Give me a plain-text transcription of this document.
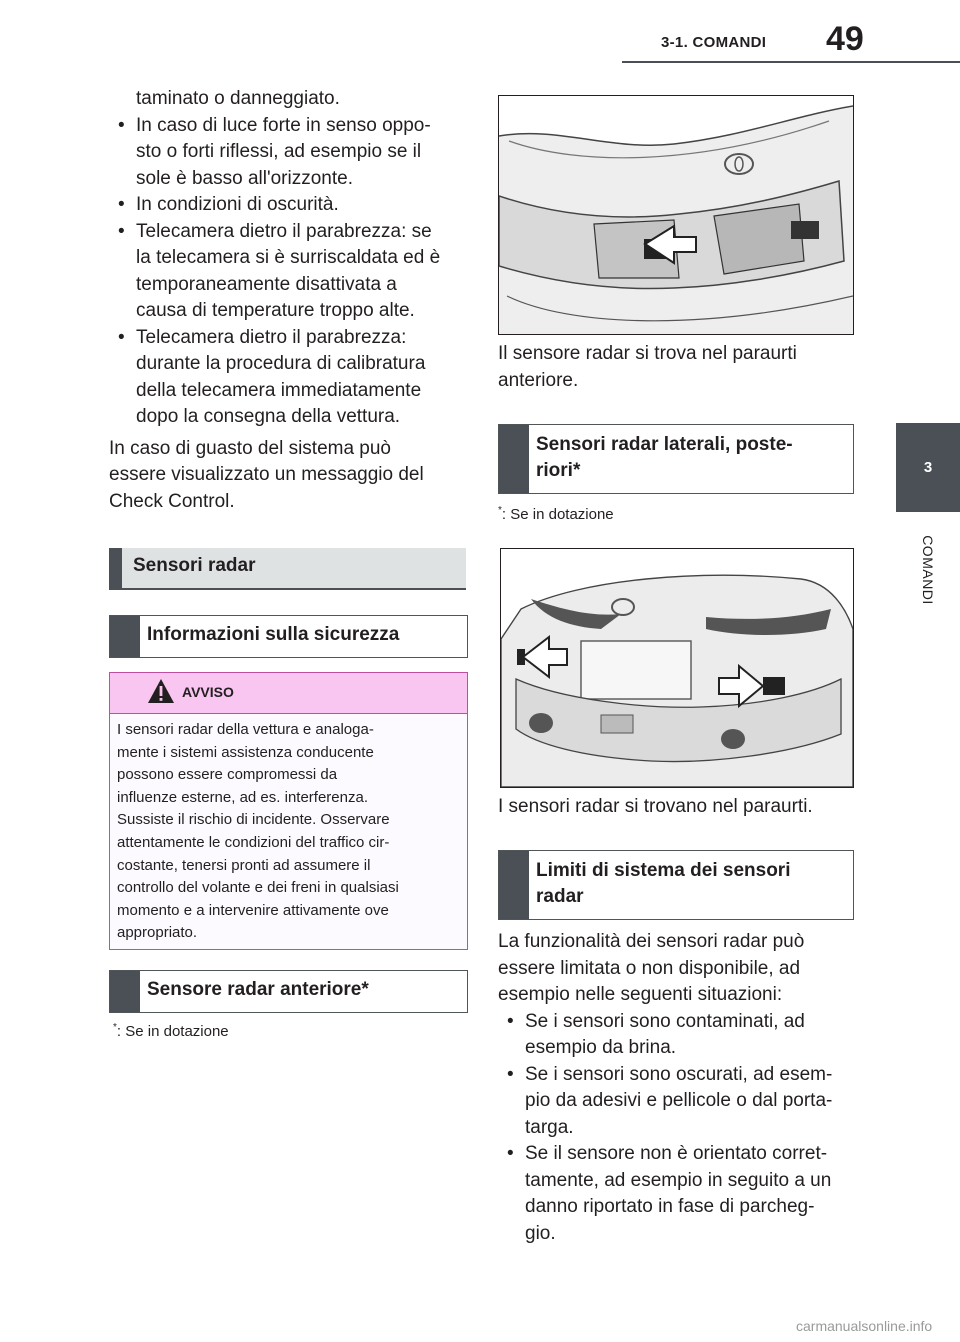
3-1. COMANDI 49
3
COMANDI

taminato o danneggiato.

• In caso di luce forte in senso oppo-

sto o forti riflessi, ad esempio se il

sole è basso all'orizzonte.

• In condizioni di oscurità.

• Telecamera dietro il parabrezza: se

la telecamera si è surriscaldata ed è

temporaneamente disattivata a

causa di temperature troppo alte.

• Telecamera dietro il parabrezza:

durante la procedura di calibratura

della telecamera immediatamente

dopo la consegna della vettura.

In caso di guasto del sistema può

essere visualizzato un messaggio del

Check Control.

Sensori radar
Informazioni sulla sicurezza
AVVISO

I sensori radar della vettura e analoga-

mente i sistemi assistenza conducente

possono essere compromessi da

influenze esterne, ad es. interferenza.

Sussiste il rischio di incidente. Osservare

attentamente le condizioni del traffico cir-

costante, tenersi pronti ad assumere il

controllo del volante e dei freni in qualsiasi

momento e a intervenire attivamente ove

appropriato.

Sensore radar anteriore*
*: Se in dotazione

Il sensore radar si trova nel paraurti

anteriore.

Sensori radar laterali, poste-

riori*

*: Se in dotazione

I sensori radar si trovano nel paraurti.

Limiti di sistema dei sensori

radar

La funzionalità dei sensori radar può

essere limitata o non disponibile, ad

esempio nelle seguenti situazioni:

• Se i sensori sono contaminati, ad

esempio da brina.

• Se i sensori sono oscurati, ad esem-

pio da adesivi e pellicole o dal porta-

targa.

• Se il sensore non è orientato corret-

tamente, ad esempio in seguito a un

danno riportato in fase di parcheg-

gio.

carmanualsonline.info
